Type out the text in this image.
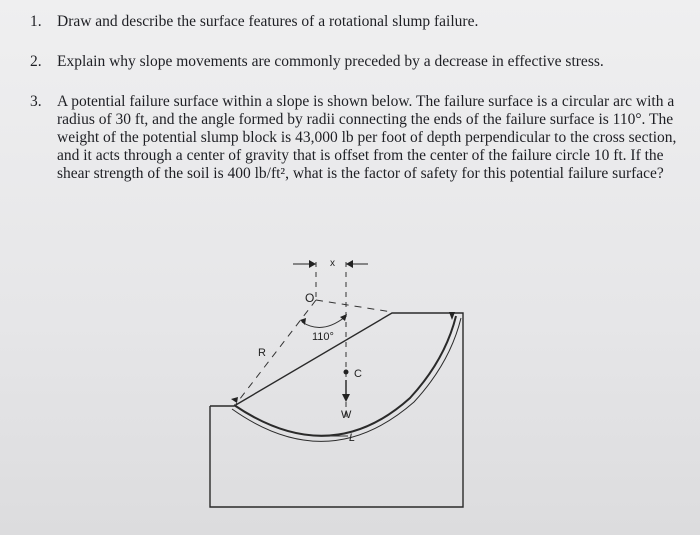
1. Draw and describe the surface features of a rotational slump failure.
2. Explain why slope movements are commonly preceded by a decrease in effective stress.
3. A potential failure surface within a slope is shown below. The failure surface is a circular arc with a radius of 30 ft, and the angle formed by radii connecting the ends of the failure surface is 110°. The weight of the potential slump block is 43,000 lb per foot of depth perpendicular to the cross section, and it acts through a center of gravity that is offset from the center of the failure circle 10 ft. If the shear strength of the soil is 400 lb/ft², what is the factor of safety for this potential failure surface?
x
O
110°
R
C
W
L
